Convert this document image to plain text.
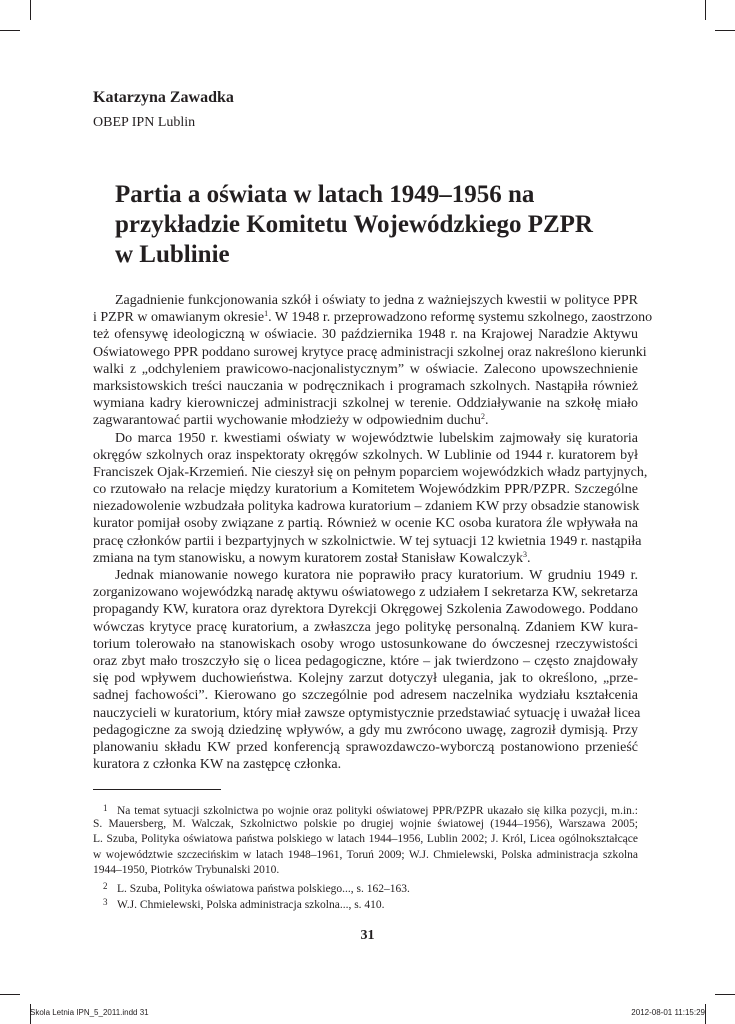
Katarzyna Zawadka
OBEP IPN Lublin
Partia a oświata w latach 1949–1956 na
przykładzie Komitetu Wojewódzkiego PZPR
w Lublinie
Zagadnienie funkcjonowania szkół i oświaty to jedna z ważniejszych kwestii w polityce PPR
i PZPR w omawianym okresie$^1$. W 1948 r. przeprowadzono reformę systemu szkolnego, zaostrzono
też ofensywę ideologiczną w oświacie. 30 października 1948 r. na Krajowej Naradzie Aktywu
Oświatowego PPR poddano surowej krytyce pracę administracji szkolnej oraz nakreślono kierunki
walki z „odchyleniem prawicowo-nacjonalistycznym” w oświacie. Zalecono upowszechnienie
marksistowskich treści nauczania w podręcznikach i programach szkolnych. Nastąpiła również
wymiana kadry kierowniczej administracji szkolnej w terenie. Oddziaływanie na szkołę miało
zagwarantować partii wychowanie młodzieży w odpowiednim duchu$^2$.
Do marca 1950 r. kwestiami oświaty w województwie lubelskim zajmowały się kuratoria
okręgów szkolnych oraz inspektoraty okręgów szkolnych. W Lublinie od 1944 r. kuratorem był
Franciszek Ojak-Krzemień. Nie cieszył się on pełnym poparciem wojewódzkich władz partyjnych,
co rzutowało na relacje między kuratorium a Komitetem Wojewódzkim PPR/PZPR. Szczególne
niezadowolenie wzbudzała polityka kadrowa kuratorium – zdaniem KW przy obsadzie stanowisk
kurator pomijał osoby związane z partią. Również w ocenie KC osoba kuratora źle wpływała na
pracę członków partii i bezpartyjnych w szkolnictwie. W tej sytuacji 12 kwietnia 1949 r. nastąpiła
zmiana na tym stanowisku, a nowym kuratorem został Stanisław Kowalczyk$^3$.
Jednak mianowanie nowego kuratora nie poprawiło pracy kuratorium. W grudniu 1949 r.
zorganizowano wojewódzką naradę aktywu oświatowego z udziałem I sekretarza KW, sekretarza
propagandy KW, kuratora oraz dyrektora Dyrekcji Okręgowej Szkolenia Zawodowego. Poddano
wówczas krytyce pracę kuratorium, a zwłaszcza jego politykę personalną. Zdaniem KW kura-
torium tolerowało na stanowiskach osoby wrogo ustosunkowane do ówczesnej rzeczywistości
oraz zbyt mało troszczyło się o licea pedagogiczne, które – jak twierdzono – często znajdowały
się pod wpływem duchowieństwa. Kolejny zarzut dotyczył ulegania, jak to określono, „prze-
sadnej fachowości”. Kierowano go szczególnie pod adresem naczelnika wydziału kształcenia
nauczycieli w kuratorium, który miał zawsze optymistycznie przedstawiać sytuację i uważał licea
pedagogiczne za swoją dziedzinę wpływów, a gdy mu zwrócono uwagę, zagroził dymisją. Przy
planowaniu składu KW przed konferencją sprawozdawczo-wyborczą postanowiono przenieść
kuratora z członka KW na zastępcę członka.
1 Na temat sytuacji szkolnictwa po wojnie oraz polityki oświatowej PPR/PZPR ukazało się kilka pozycji, m.in.:
S. Mauersberg, M. Walczak, Szkolnictwo polskie po drugiej wojnie światowej (1944–1956), Warszawa 2005;
L. Szuba, Polityka oświatowa państwa polskiego w latach 1944–1956, Lublin 2002; J. Król, Licea ogólnokształcące
w województwie szczecińskim w latach 1948–1961, Toruń 2009; W.J. Chmielewski, Polska administracja szkolna
1944–1950, Piotrków Trybunalski 2010.
2 L. Szuba, Polityka oświatowa państwa polskiego..., s. 162–163.
3 W.J. Chmielewski, Polska administracja szkolna..., s. 410.
31
Skola Letnia IPN_5_2011.indd 31	2012-08-01 11:15:29
